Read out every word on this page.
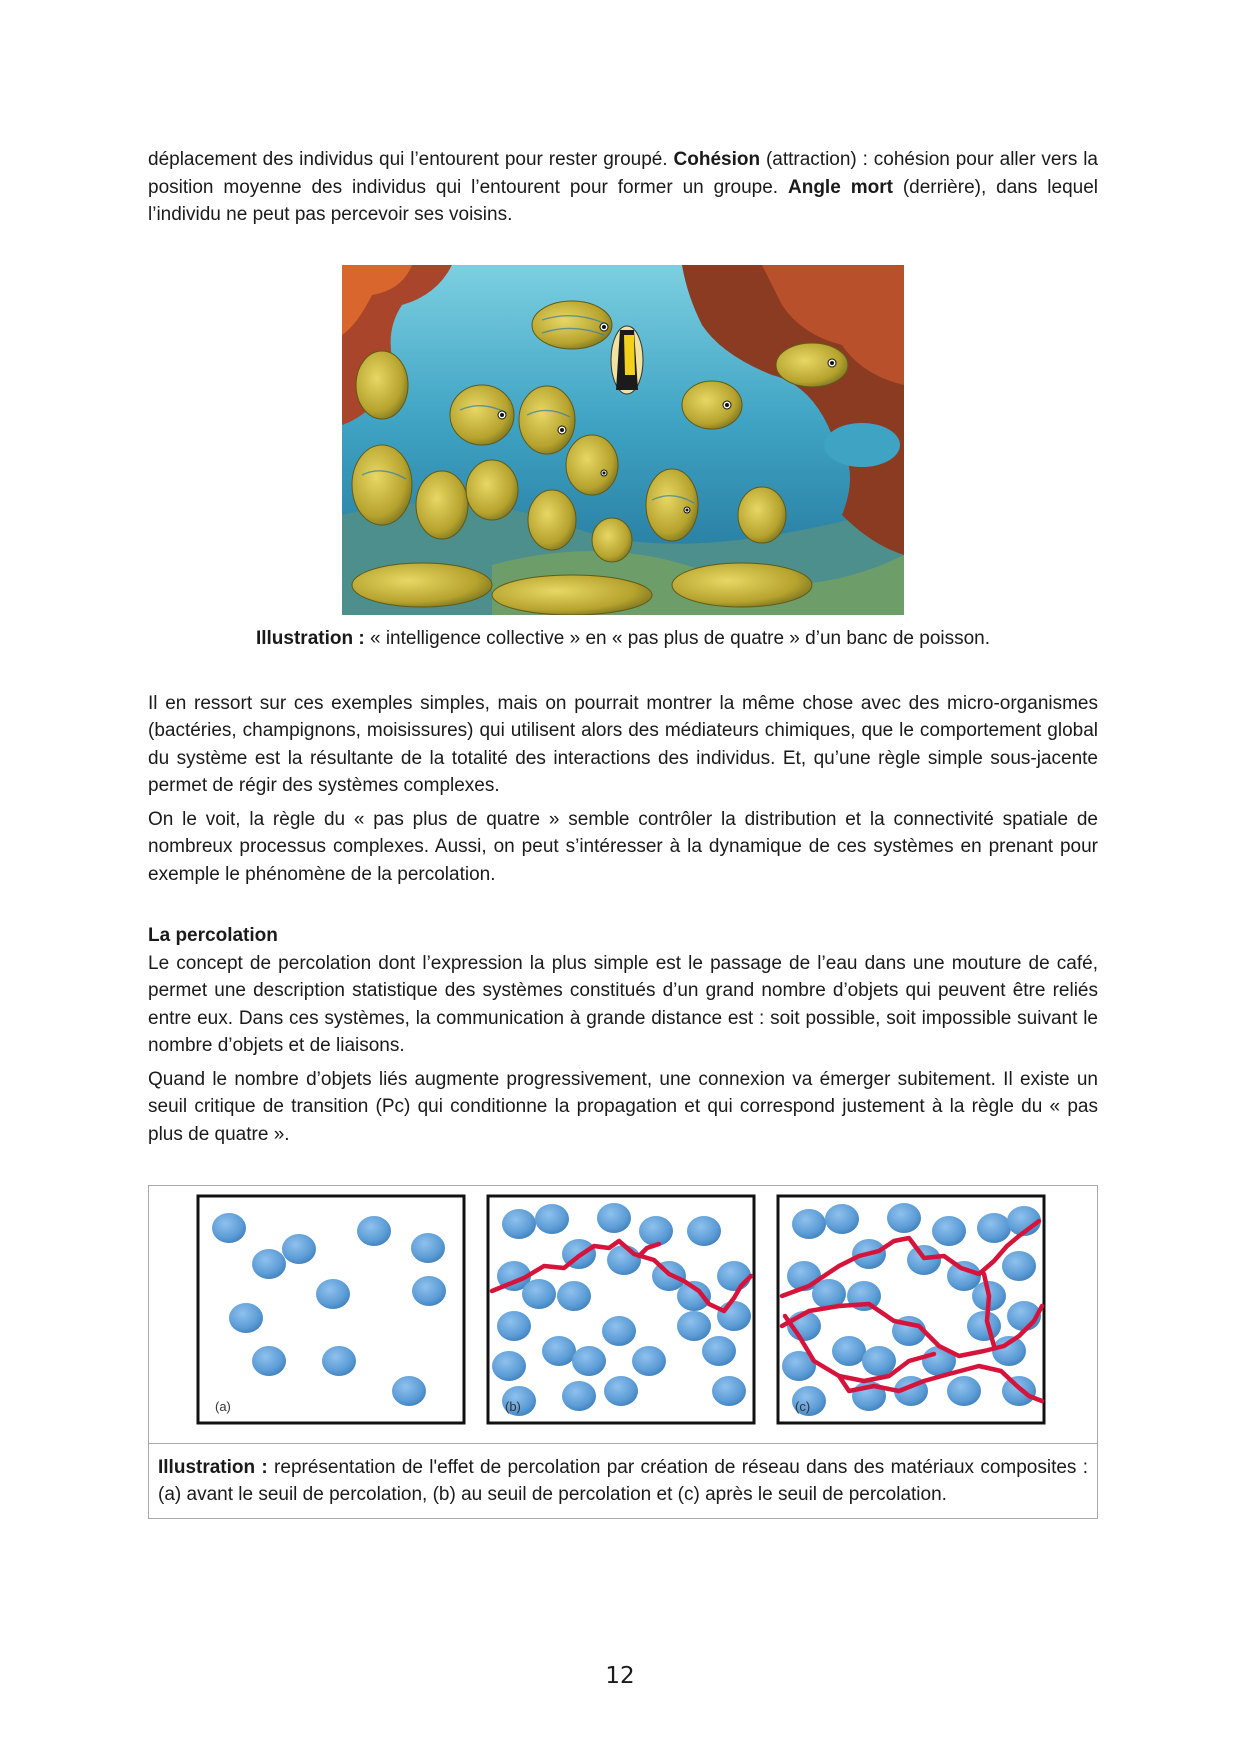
déplacement des individus qui l’entourent pour rester groupé. Cohésion (attraction) : cohésion pour aller vers la position moyenne des individus qui l’entourent pour former un groupe. Angle mort (derrière), dans lequel l’individu ne peut pas percevoir ses voisins.

Illustration : « intelligence collective » en « pas plus de quatre » d’un banc de poisson.

Il en ressort sur ces exemples simples, mais on pourrait montrer la même chose avec des micro-organismes (bactéries, champignons, moisissures) qui utilisent alors des médiateurs chimiques, que le comportement global du système est la résultante de la totalité des interactions des individus. Et, qu’une règle simple sous-jacente permet de régir des systèmes complexes.

On le voit, la règle du « pas plus de quatre » semble contrôler la distribution et la connectivité spatiale de nombreux processus complexes. Aussi, on peut s’intéresser à la dynamique de ces systèmes en prenant pour exemple le phénomène de la percolation.

La percolation

Le concept de percolation dont l’expression la plus simple est le passage de l’eau dans une mouture de café, permet une description statistique des systèmes constitués d’un grand nombre d’objets qui peuvent être reliés entre eux. Dans ces systèmes, la communication à grande distance est : soit possible, soit impossible suivant le nombre d’objets et de liaisons.

Quand le nombre d’objets liés augmente progressivement, une connexion va émerger subitement. Il existe un seuil critique de transition (Pc) qui conditionne la propagation et qui correspond justement à la règle du « pas plus de quatre ».

(a)	(b)	(c)
Illustration : représentation de l'effet de percolation par création de réseau dans des matériaux composites : (a) avant le seuil de percolation, (b) au seuil de percolation et (c) après le seuil de percolation.
12
